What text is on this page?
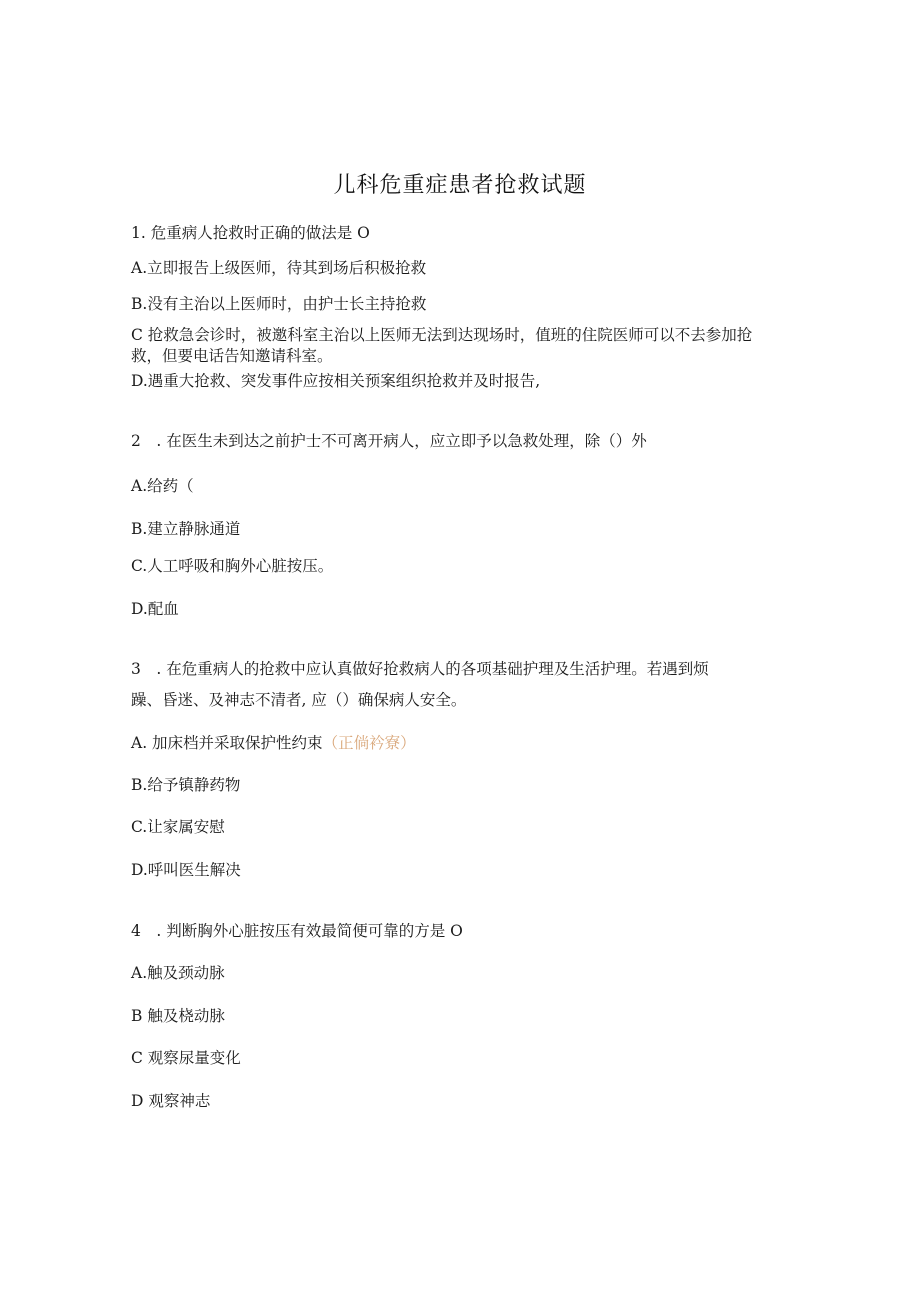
儿科危重症患者抢救试题
1. 危重病人抢救时正确的做法是 O
A.立即报告上级医师，待其到场后积极抢救
B.没有主治以上医师时，由护士长主持抢救
C 抢救急会诊时，被邀科室主治以上医师无法到达现场时，值班的住院医师可以不去参加抢救，但要电话告知邀请科室。
D.遇重大抢救、突发事件应按相关预案组织抢救并及时报告,
2　. 在医生未到达之前护士不可离开病人，应立即予以急救处理，除（）外
A.给药（
B.建立静脉通道
C.人工呼吸和胸外心脏按压。
D.配血
3　. 在危重病人的抢救中应认真做好抢救病人的各项基础护理及生活护理。若遇到烦
躁、昏迷、及神志不清者, 应（）确保病人安全。
A. 加床档并采取保护性约束（正倘衿寮）
B.给予镇静药物
C.让家属安慰
D.呼叫医生解决
4　. 判断胸外心脏按压有效最简便可靠的方是 O
A.触及颈动脉
B 触及桡动脉
C 观察尿量变化
D 观察神志
